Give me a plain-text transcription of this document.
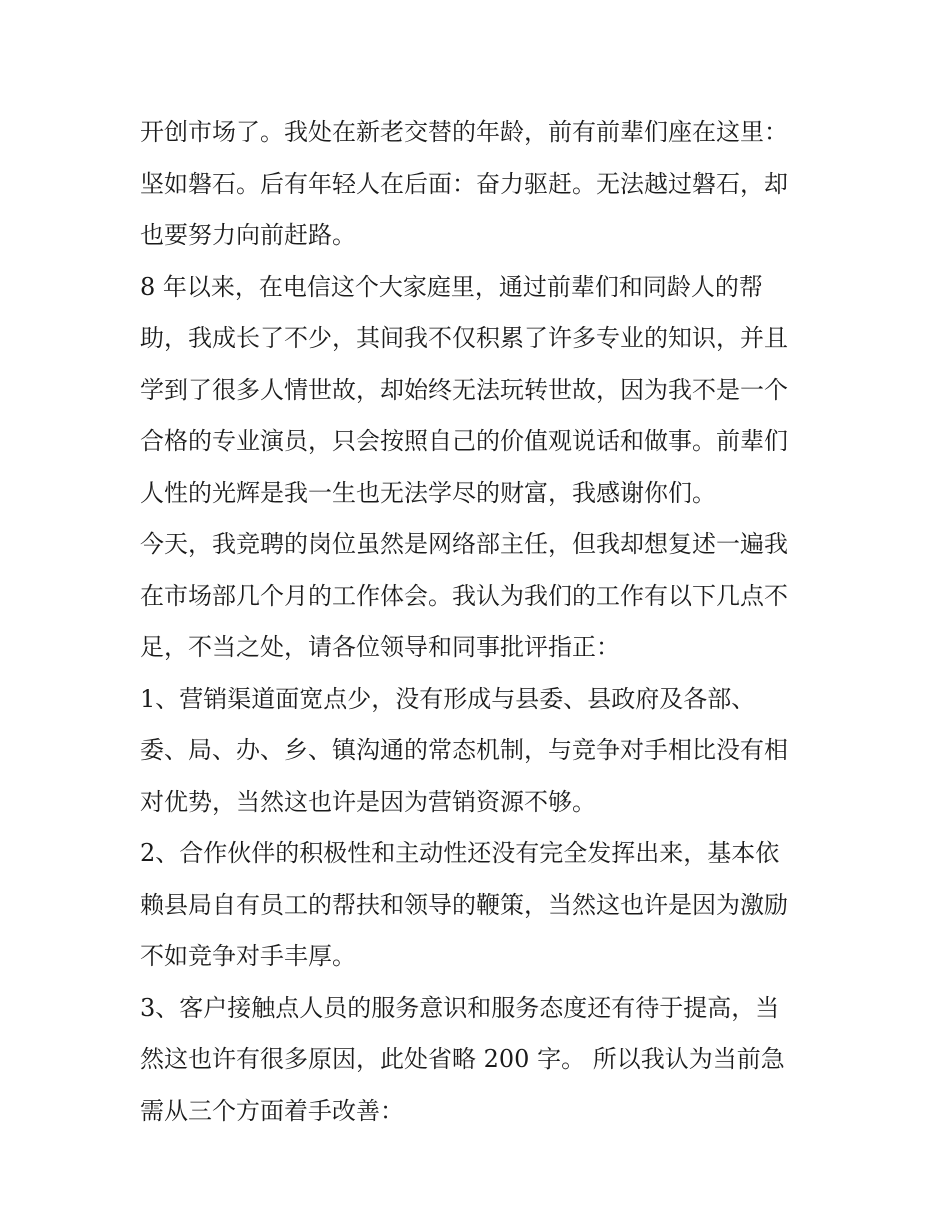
开创市场了。我处在新老交替的年龄，前有前辈们座在这里：
坚如磐石。后有年轻人在后面：奋力驱赶。无法越过磐石，却
也要努力向前赶路。
8 年以来，在电信这个大家庭里，通过前辈们和同龄人的帮
助，我成长了不少，其间我不仅积累了许多专业的知识，并且
学到了很多人情世故，却始终无法玩转世故，因为我不是一个
合格的专业演员，只会按照自己的价值观说话和做事。前辈们
人性的光辉是我一生也无法学尽的财富，我感谢你们。
今天，我竞聘的岗位虽然是网络部主任，但我却想复述一遍我
在市场部几个月的工作体会。我认为我们的工作有以下几点不
足，不当之处，请各位领导和同事批评指正：
1、营销渠道面宽点少，没有形成与县委、县政府及各部、
委、局、办、乡、镇沟通的常态机制，与竞争对手相比没有相
对优势，当然这也许是因为营销资源不够。
2、合作伙伴的积极性和主动性还没有完全发挥出来，基本依
赖县局自有员工的帮扶和领导的鞭策，当然这也许是因为激励
不如竞争对手丰厚。
3、客户接触点人员的服务意识和服务态度还有待于提高，当
然这也许有很多原因，此处省略 200 字。 所以我认为当前急
需从三个方面着手改善：
